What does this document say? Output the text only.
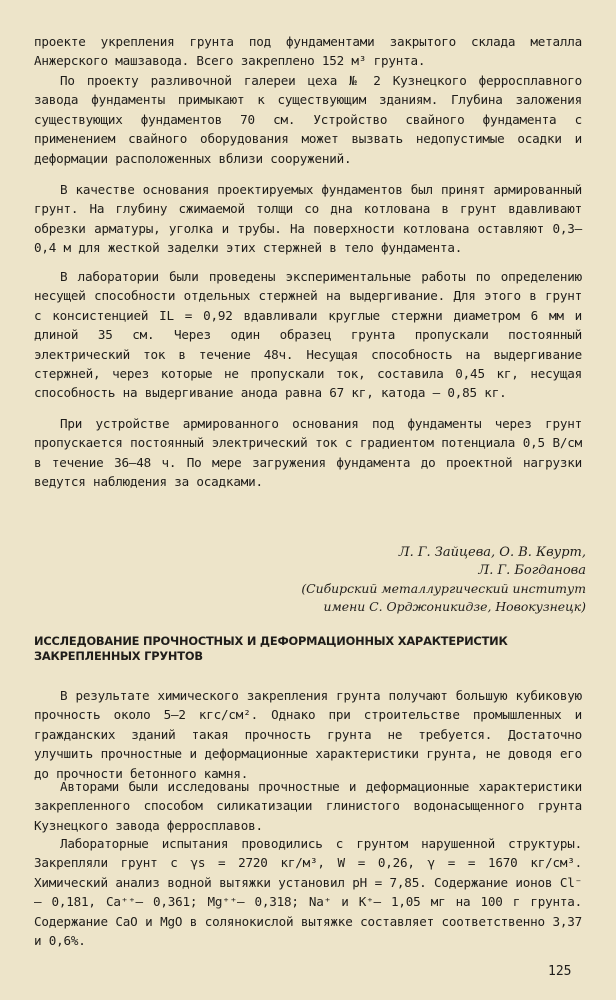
проекте укрепления грунта под фундаментами закрытого склада металла Анжерского машзавода. Всего закреплено 152 м³ грунта.

По проекту разливочной галереи цеха № 2 Кузнецкого ферросплавного завода фундаменты примыкают к существующим зданиям. Глубина заложения существующих фундаментов 70 см. Устройство свайного фундамента с применением свайного оборудования может вызвать недопустимые осадки и деформации расположенных вблизи сооружений.

В качестве основания проектируемых фундаментов был принят армированный грунт. На глубину сжимаемой толщи со дна котлована в грунт вдавливают обрезки арматуры, уголка и трубы. На поверхности котлована оставляют 0,3–0,4 м для жесткой заделки этих стержней в тело фундамента.

В лаборатории были проведены экспериментальные работы по определению несущей способности отдельных стержней на выдергивание. Для этого в грунт с консистенцией IL = 0,92 вдавливали круглые стержни диаметром 6 мм и длиной 35 см. Через один образец грунта пропускали постоянный электрический ток в течение 48ч. Несущая способность на выдергивание стержней, через которые не пропускали ток, составила 0,45 кг, несущая способность на выдергивание анода равна 67 кг, катода – 0,85 кг.

При устройстве армированного основания под фундаменты через грунт пропускается постоянный электрический ток с градиентом потенциала 0,5 В/см в течение 36–48 ч. По мере загружения фундамента до проектной нагрузки ведутся наблюдения за осадками.

Л. Г. Зайцева, О. В. Квурт,
Л. Г. Богданова
(Сибирский металлургический институт
имени С. Орджоникидзе, Новокузнецк)
ИССЛЕДОВАНИЕ ПРОЧНОСТНЫХ И ДЕФОРМАЦИОННЫХ ХАРАКТЕРИСТИК ЗАКРЕПЛЕННЫХ ГРУНТОВ

В результате химического закрепления грунта получают большую кубиковую прочность около 5–2 кгс/см². Однако при строительстве промышленных и гражданских зданий такая прочность грунта не требуется. Достаточно улучшить прочностные и деформационные характеристики грунта, не доводя его до прочности бетонного камня.

Авторами были исследованы прочностные и деформационные характеристики закрепленного способом силикатизации глинистого водонасыщенного грунта Кузнецкого завода ферросплавов.

Лабораторные испытания проводились с грунтом нарушенной структуры. Закрепляли грунт с γs = 2720 кг/м³, W = 0,26, γ = = 1670 кг/см³. Химический анализ водной вытяжки установил pH = 7,85. Содержание ионов Cl⁻ – 0,181, Ca⁺⁺– 0,361; Mg⁺⁺– 0,318; Na⁺ и K⁺– 1,05 мг на 100 г грунта. Содержание CaO и MgO в солянокислой вытяжке составляет соответственно 3,37 и 0,6%.

125
